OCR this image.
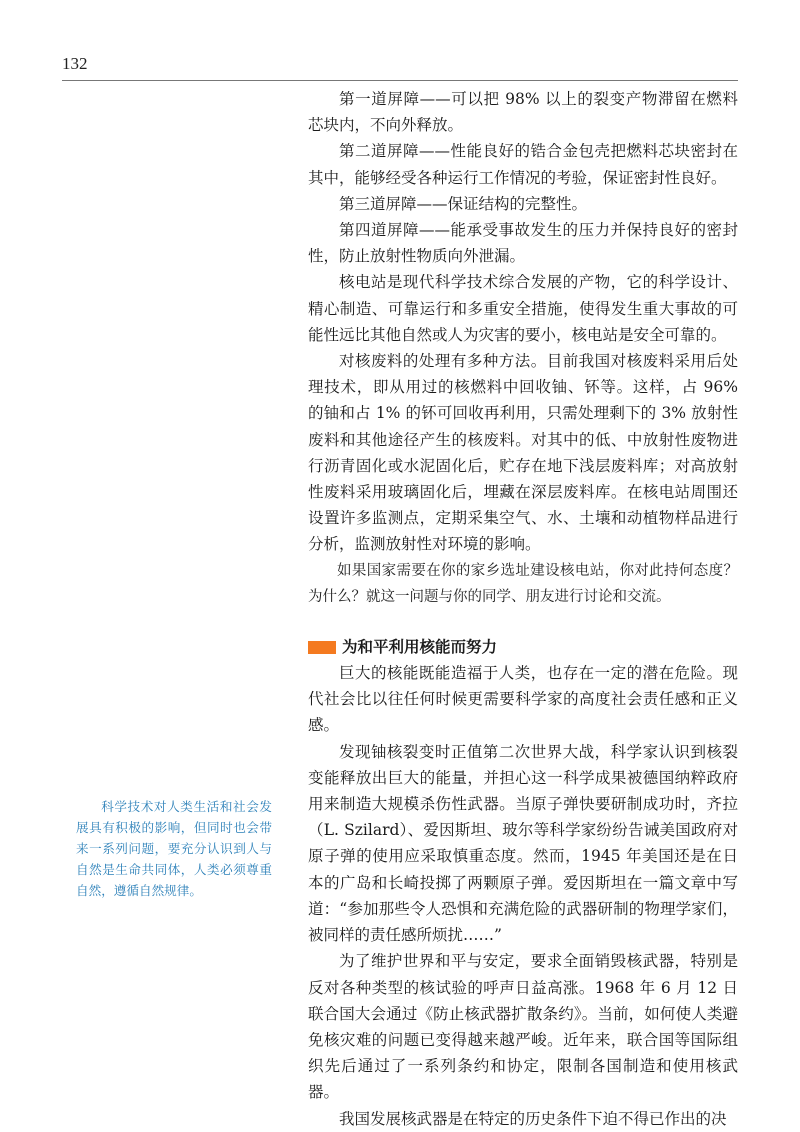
132

第一道屏障——可以把 98% 以上的裂变产物滞留在燃料芯块内，不向外释放。

第二道屏障——性能良好的锆合金包壳把燃料芯块密封在其中，能够经受各种运行工作情况的考验，保证密封性良好。

第三道屏障——保证结构的完整性。

第四道屏障——能承受事故发生的压力并保持良好的密封性，防止放射性物质向外泄漏。

核电站是现代科学技术综合发展的产物，它的科学设计、精心制造、可靠运行和多重安全措施，使得发生重大事故的可能性远比其他自然或人为灾害的要小，核电站是安全可靠的。

对核废料的处理有多种方法。目前我国对核废料采用后处理技术，即从用过的核燃料中回收铀、钚等。这样，占 96% 的铀和占 1% 的钚可回收再利用，只需处理剩下的 3% 放射性废料和其他途径产生的核废料。对其中的低、中放射性废物进行沥青固化或水泥固化后，贮存在地下浅层废料库；对高放射性废料采用玻璃固化后，埋藏在深层废料库。在核电站周围还设置许多监测点，定期采集空气、水、土壤和动植物样品进行分析，监测放射性对环境的影响。

如果国家需要在你的家乡选址建设核电站，你对此持何态度？为什么？就这一问题与你的同学、朋友进行讨论和交流。

为和平利用核能而努力

巨大的核能既能造福于人类，也存在一定的潜在危险。现代社会比以往任何时候更需要科学家的高度社会责任感和正义感。

发现铀核裂变时正值第二次世界大战，科学家认识到核裂变能释放出巨大的能量，并担心这一科学成果被德国纳粹政府用来制造大规模杀伤性武器。当原子弹快要研制成功时，齐拉（L. Szilard）、爱因斯坦、玻尔等科学家纷纷告诫美国政府对原子弹的使用应采取慎重态度。然而，1945 年美国还是在日本的广岛和长崎投掷了两颗原子弹。爱因斯坦在一篇文章中写道：“参加那些令人恐惧和充满危险的武器研制的物理学家们，被同样的责任感所烦扰……”

为了维护世界和平与安定，要求全面销毁核武器，特别是反对各种类型的核试验的呼声日益高涨。1968 年 6 月 12 日联合国大会通过《防止核武器扩散条约》。当前，如何使人类避免核灾难的问题已变得越来越严峻。近年来，联合国等国际组织先后通过了一系列条约和协定，限制各国制造和使用核武器。

我国发展核武器是在特定的历史条件下迫不得已作出的决

科学技术对人类生活和社会发展具有积极的影响，但同时也会带来一系列问题，要充分认识到人与自然是生命共同体，人类必须尊重自然，遵循自然规律。
